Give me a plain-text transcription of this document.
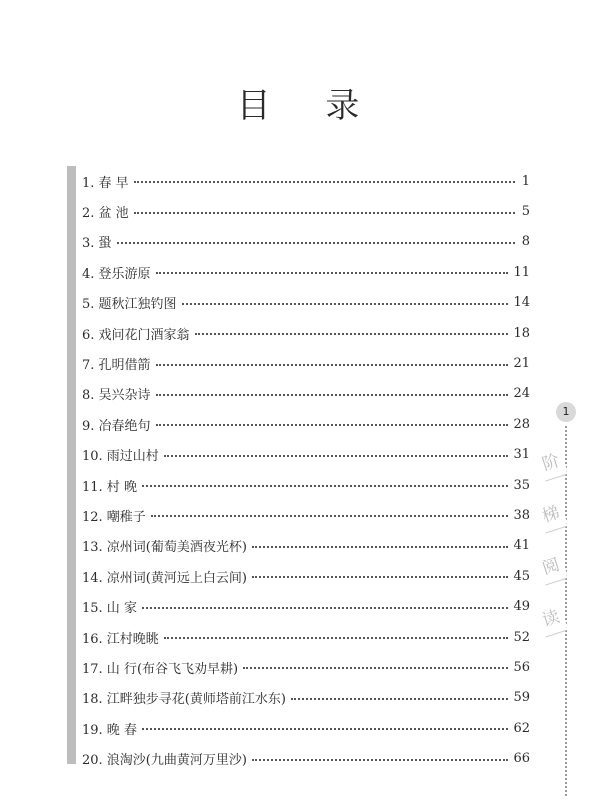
目 录
1. 春 早	1
2. 盆 池	5
3. 蛩	8
4. 登乐游原	11
5. 题秋江独钓图	14
6. 戏问花门酒家翁	18
7. 孔明借箭	21
8. 吴兴杂诗	24
9. 冶春绝句	28
10. 雨过山村	31
11. 村 晚	35
12. 嘲稚子	38
13. 凉州词(葡萄美酒夜光杯)	41
14. 凉州词(黄河远上白云间)	45
15. 山 家	49
16. 江村晚眺	52
17. 山 行(布谷飞飞劝早耕)	56
18. 江畔独步寻花(黄师塔前江水东)	59
19. 晚 春	62
20. 浪淘沙(九曲黄河万里沙)	66
1
阶
梯
阅
读
